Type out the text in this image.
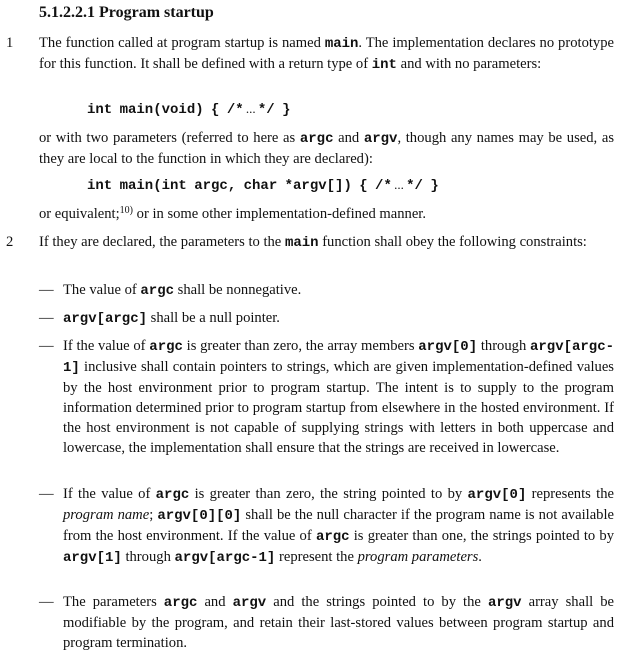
5.1.2.2.1 Program startup
1 The function called at program startup is named main. The implementation declares no prototype for this function. It shall be defined with a return type of int and with no parameters:
int main(void) { /* ... */ }
or with two parameters (referred to here as argc and argv, though any names may be used, as they are local to the function in which they are declared):
int main(int argc, char *argv[]) { /* ... */ }
or equivalent;$^{10)}$ or in some other implementation-defined manner.
2 If they are declared, the parameters to the main function shall obey the following constraints:
— The value of argc shall be nonnegative.
— argv[argc] shall be a null pointer.
— If the value of argc is greater than zero, the array members argv[0] through argv[argc-1] inclusive shall contain pointers to strings, which are given implementation-defined values by the host environment prior to program startup. The intent is to supply to the program information determined prior to program startup from elsewhere in the hosted environment. If the host environment is not capable of supplying strings with letters in both uppercase and lowercase, the implementation shall ensure that the strings are received in lowercase.
— If the value of argc is greater than zero, the string pointed to by argv[0] represents the program name; argv[0][0] shall be the null character if the program name is not available from the host environment. If the value of argc is greater than one, the strings pointed to by argv[1] through argv[argc-1] represent the program parameters.
— The parameters argc and argv and the strings pointed to by the argv array shall be modifiable by the program, and retain their last-stored values between program startup and program termination.
